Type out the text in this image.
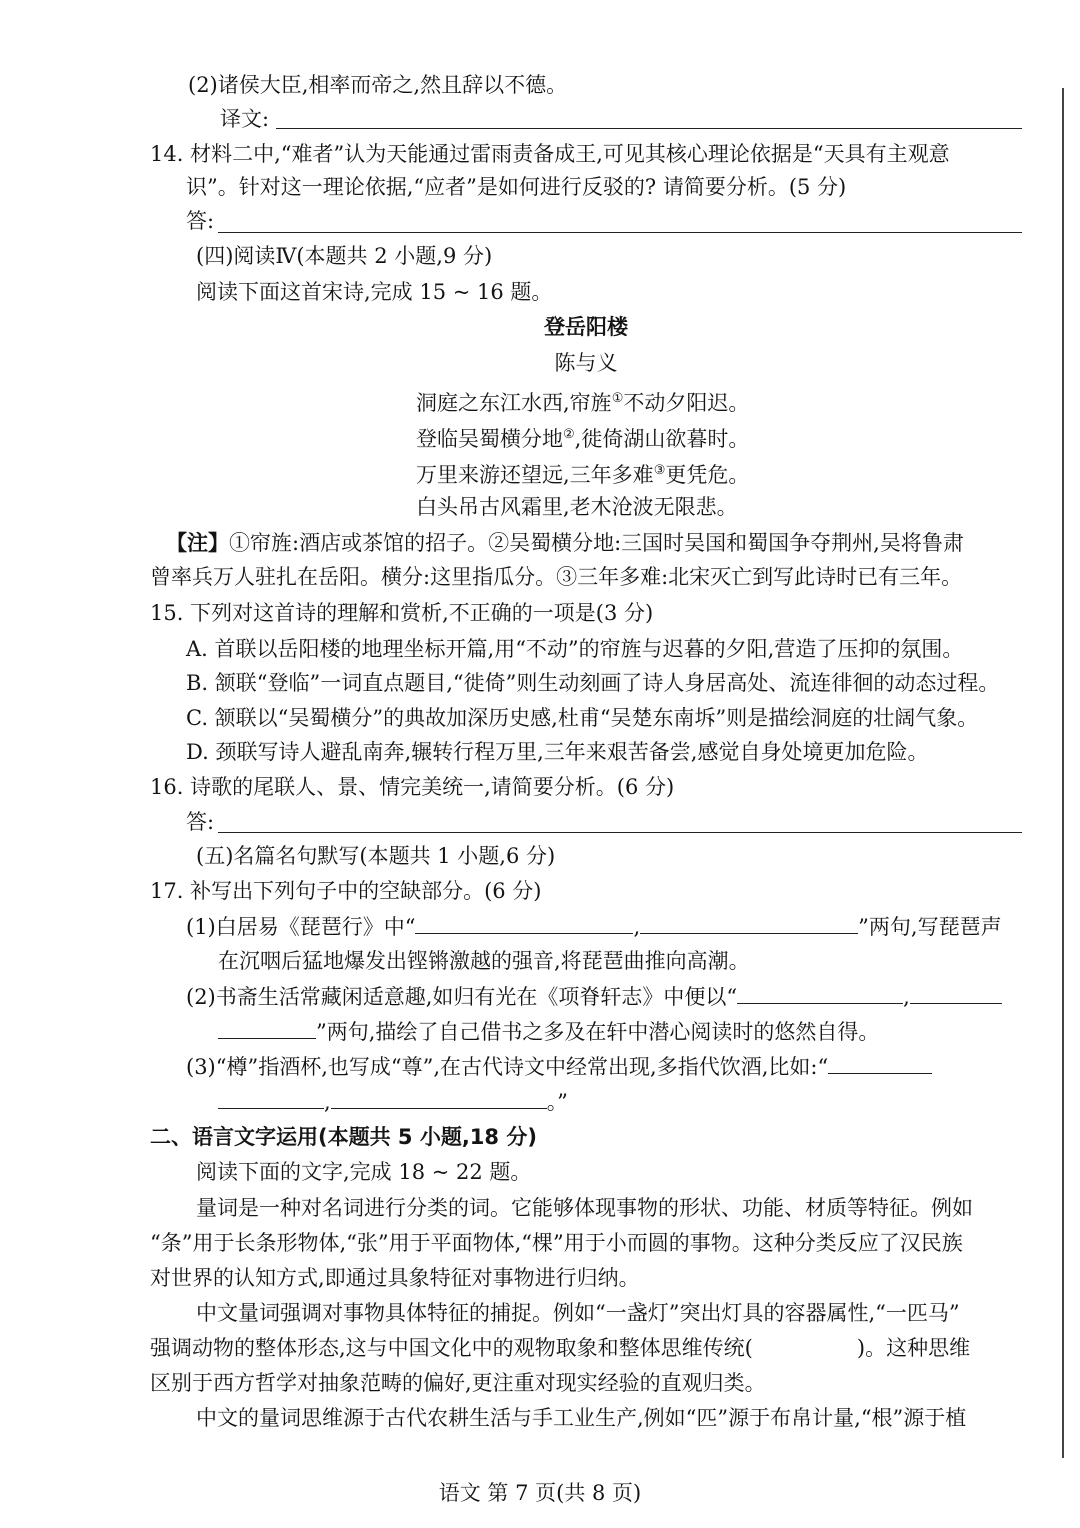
(2)诸侯大臣,相率而帝之,然且辞以不德。
译文:
14. 材料二中,“难者”认为天能通过雷雨责备成王,可见其核心理论依据是“天具有主观意
识”。针对这一理论依据,“应者”是如何进行反驳的? 请简要分析。(5 分)
答:
(四)阅读Ⅳ(本题共 2 小题,9 分)
阅读下面这首宋诗,完成 15 ~ 16 题。
登岳阳楼
陈与义
洞庭之东江水西,帘旌①不动夕阳迟。
登临吴蜀横分地②,徙倚湖山欲暮时。
万里来游还望远,三年多难③更凭危。
白头吊古风霜里,老木沧波无限悲。
【注】①帘旌:酒店或茶馆的招子。②吴蜀横分地:三国时吴国和蜀国争夺荆州,吴将鲁肃
曾率兵万人驻扎在岳阳。横分:这里指瓜分。③三年多难:北宋灭亡到写此诗时已有三年。
15. 下列对这首诗的理解和赏析,不正确的一项是(3 分)
A. 首联以岳阳楼的地理坐标开篇,用“不动”的帘旌与迟暮的夕阳,营造了压抑的氛围。
B. 颔联“登临”一词直点题目,“徙倚”则生动刻画了诗人身居高处、流连徘徊的动态过程。
C. 颔联以“吴蜀横分”的典故加深历史感,杜甫“吴楚东南坼”则是描绘洞庭的壮阔气象。
D. 颈联写诗人避乱南奔,辗转行程万里,三年来艰苦备尝,感觉自身处境更加危险。
16. 诗歌的尾联人、景、情完美统一,请简要分析。(6 分)
答:
(五)名篇名句默写(本题共 1 小题,6 分)
17. 补写出下列句子中的空缺部分。(6 分)
(1)白居易《琵琶行》中“	,	”两句,写琵琶声
在沉咽后猛地爆发出铿锵激越的强音,将琵琶曲推向高潮。
(2)书斋生活常藏闲适意趣,如归有光在《项脊轩志》中便以“	,
”两句,描绘了自己借书之多及在轩中潜心阅读时的悠然自得。
(3)“樽”指酒杯,也写成“尊”,在古代诗文中经常出现,多指代饮酒,比如:“
,	。”
二、语言文字运用(本题共 5 小题,18 分)
阅读下面的文字,完成 18 ~ 22 题。
量词是一种对名词进行分类的词。它能够体现事物的形状、功能、材质等特征。例如
“条”用于长条形物体,“张”用于平面物体,“棵”用于小而圆的事物。这种分类反应了汉民族
对世界的认知方式,即通过具象特征对事物进行归纳。
中文量词强调对事物具体特征的捕捉。例如“一盏灯”突出灯具的容器属性,“一匹马”
强调动物的整体形态,这与中国文化中的观物取象和整体思维传统(	)。这种思维
区别于西方哲学对抽象范畴的偏好,更注重对现实经验的直观归类。
中文的量词思维源于古代农耕生活与手工业生产,例如“匹”源于布帛计量,“根”源于植
语文 第 7 页(共 8 页)
